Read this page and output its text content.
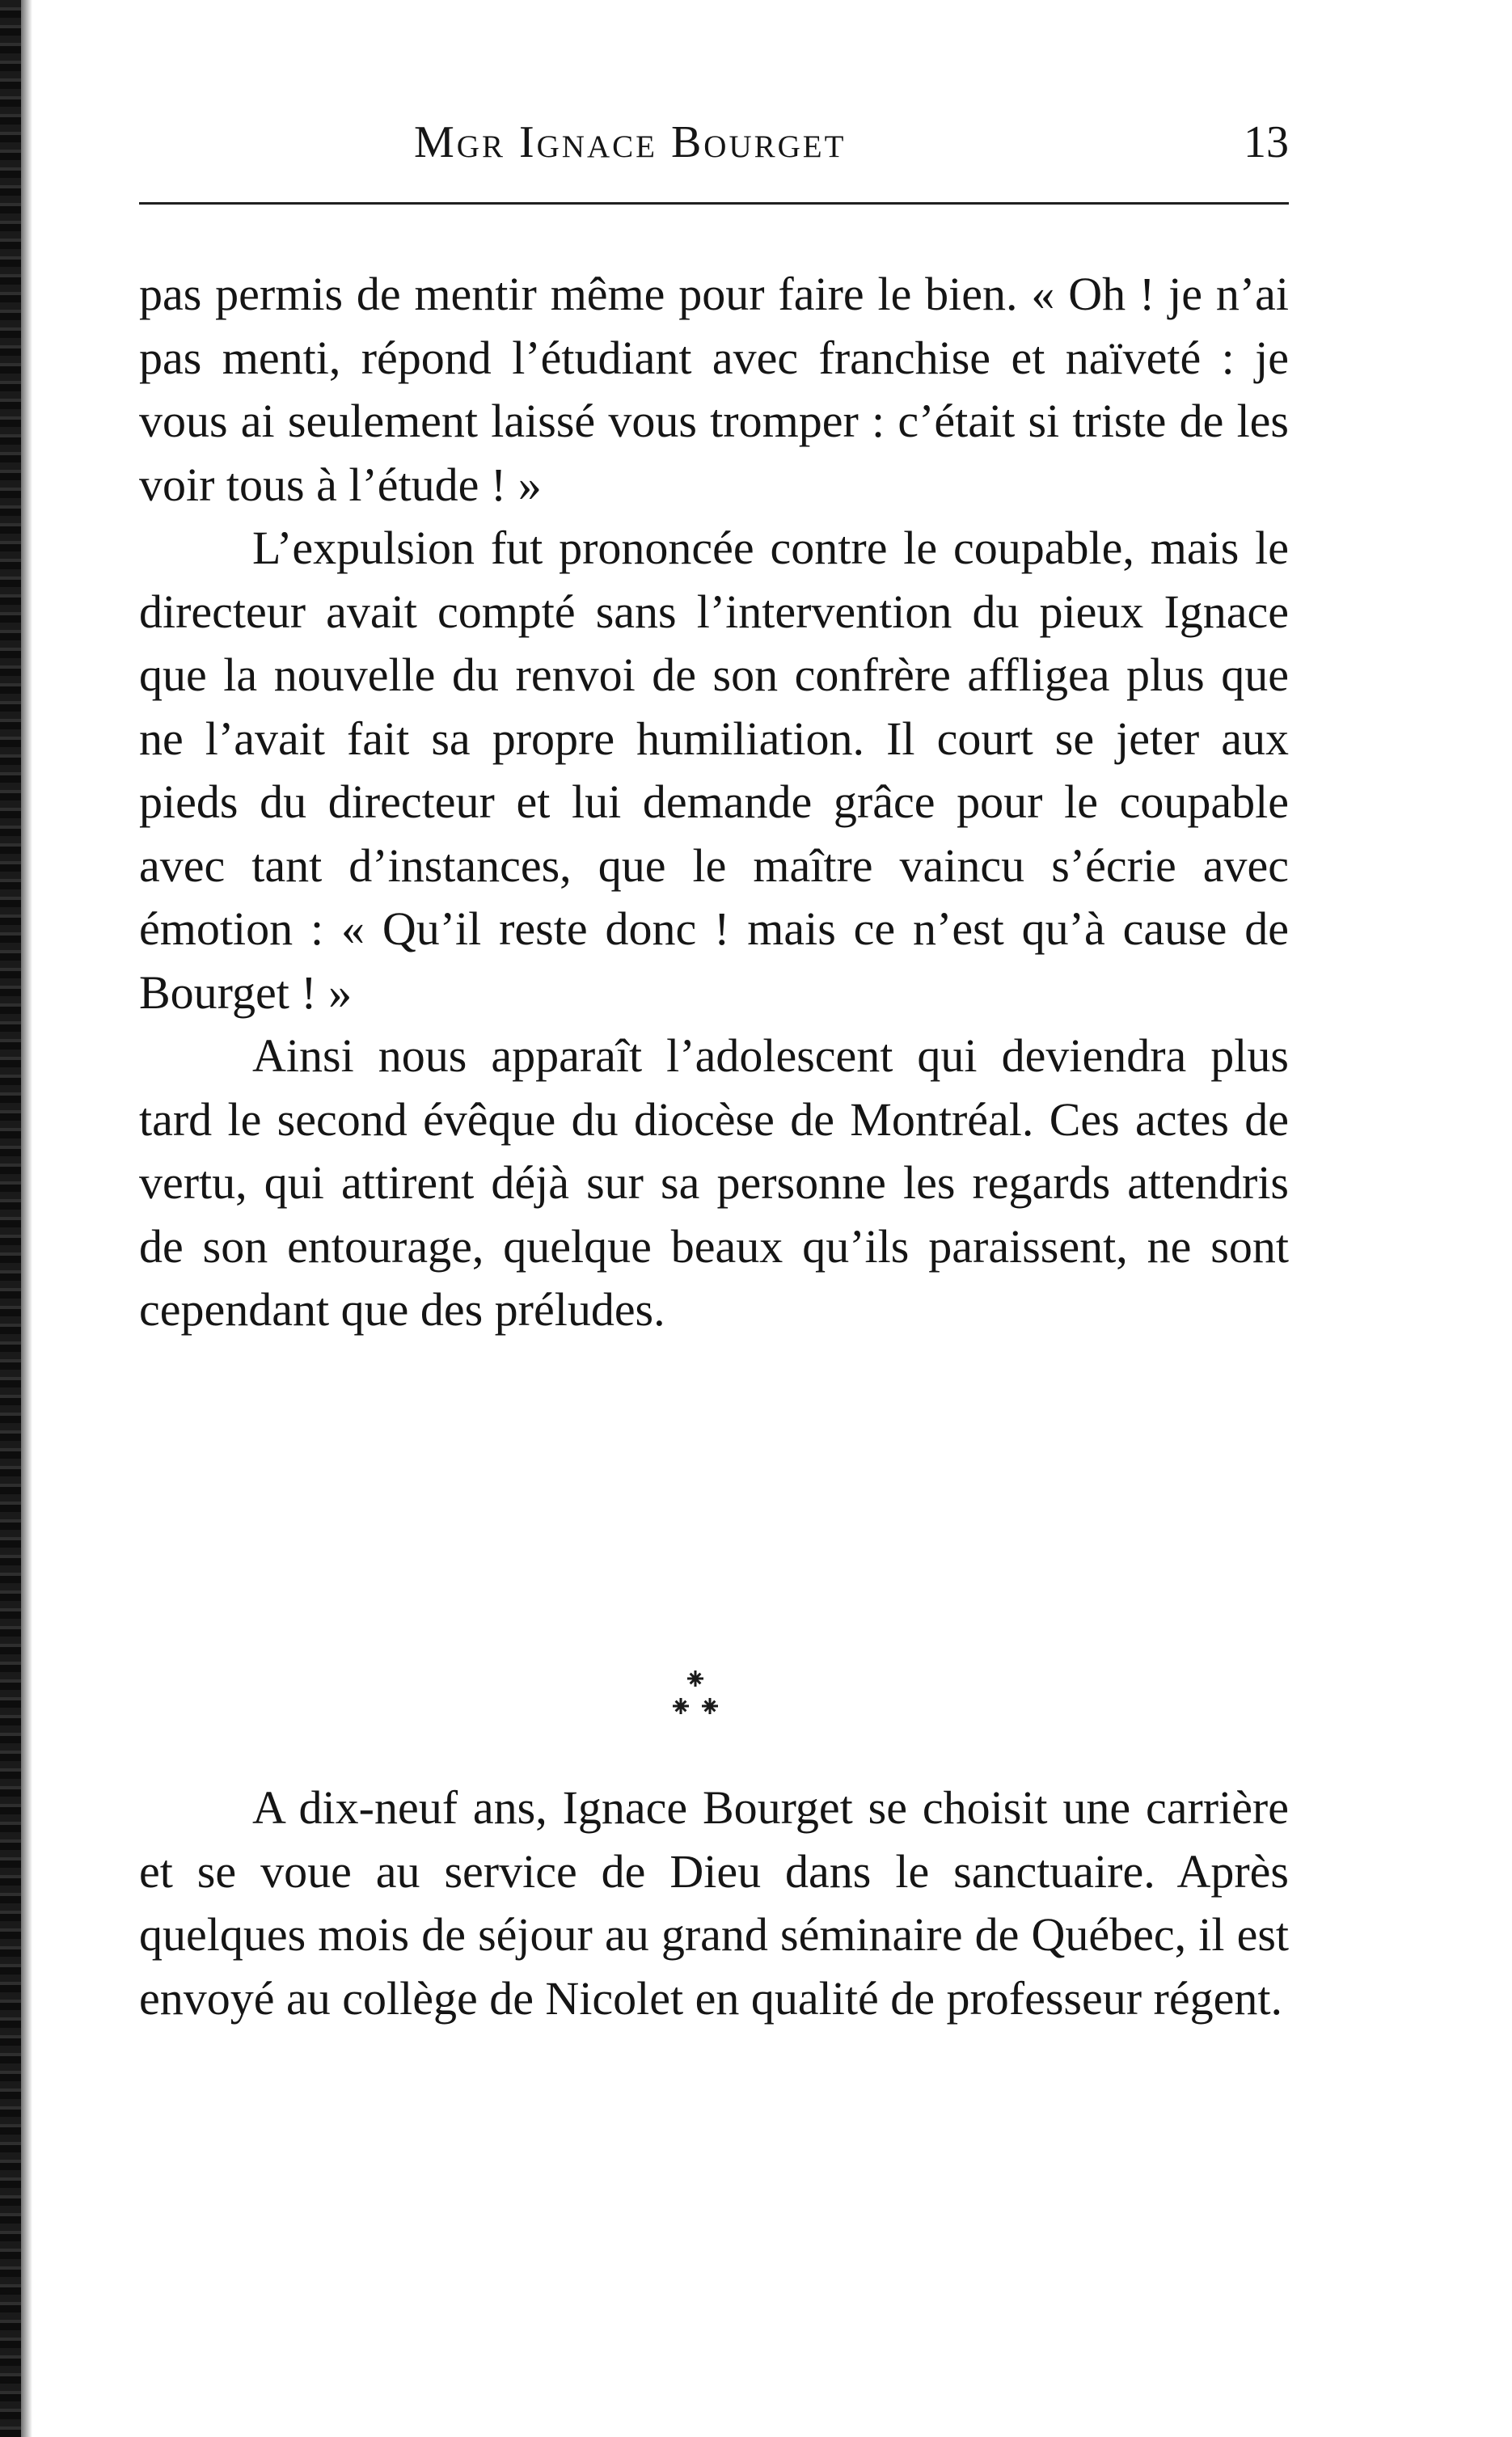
Mgr Ignace Bourget	13

pas permis de mentir même pour faire le bien. « Oh ! je n’ai pas menti, répond l’étudiant avec franchise et naïveté : je vous ai seulement laissé vous tromper : c’était si triste de les voir tous à l’étude ! »

L’expulsion fut prononcée contre le coupable, mais le directeur avait compté sans l’intervention du pieux Ignace que la nouvelle du renvoi de son confrère affligea plus que ne l’avait fait sa propre humiliation. Il court se jeter aux pieds du directeur et lui demande grâce pour le coupable avec tant d’instances, que le maître vaincu s’écrie avec émotion : « Qu’il reste donc ! mais ce n’est qu’à cause de Bourget ! »

Ainsi nous apparaît l’adolescent qui deviendra plus tard le second évêque du diocèse de Montréal. Ces actes de vertu, qui attirent déjà sur sa personne les regards attendris de son entourage, quelque beaux qu’ils paraissent, ne sont cependant que des préludes.

A dix-neuf ans, Ignace Bourget se choisit une carrière et se voue au service de Dieu dans le sanctuaire. Après quelques mois de séjour au grand séminaire de Québec, il est envoyé au collège de Nicolet en qualité de professeur régent.
